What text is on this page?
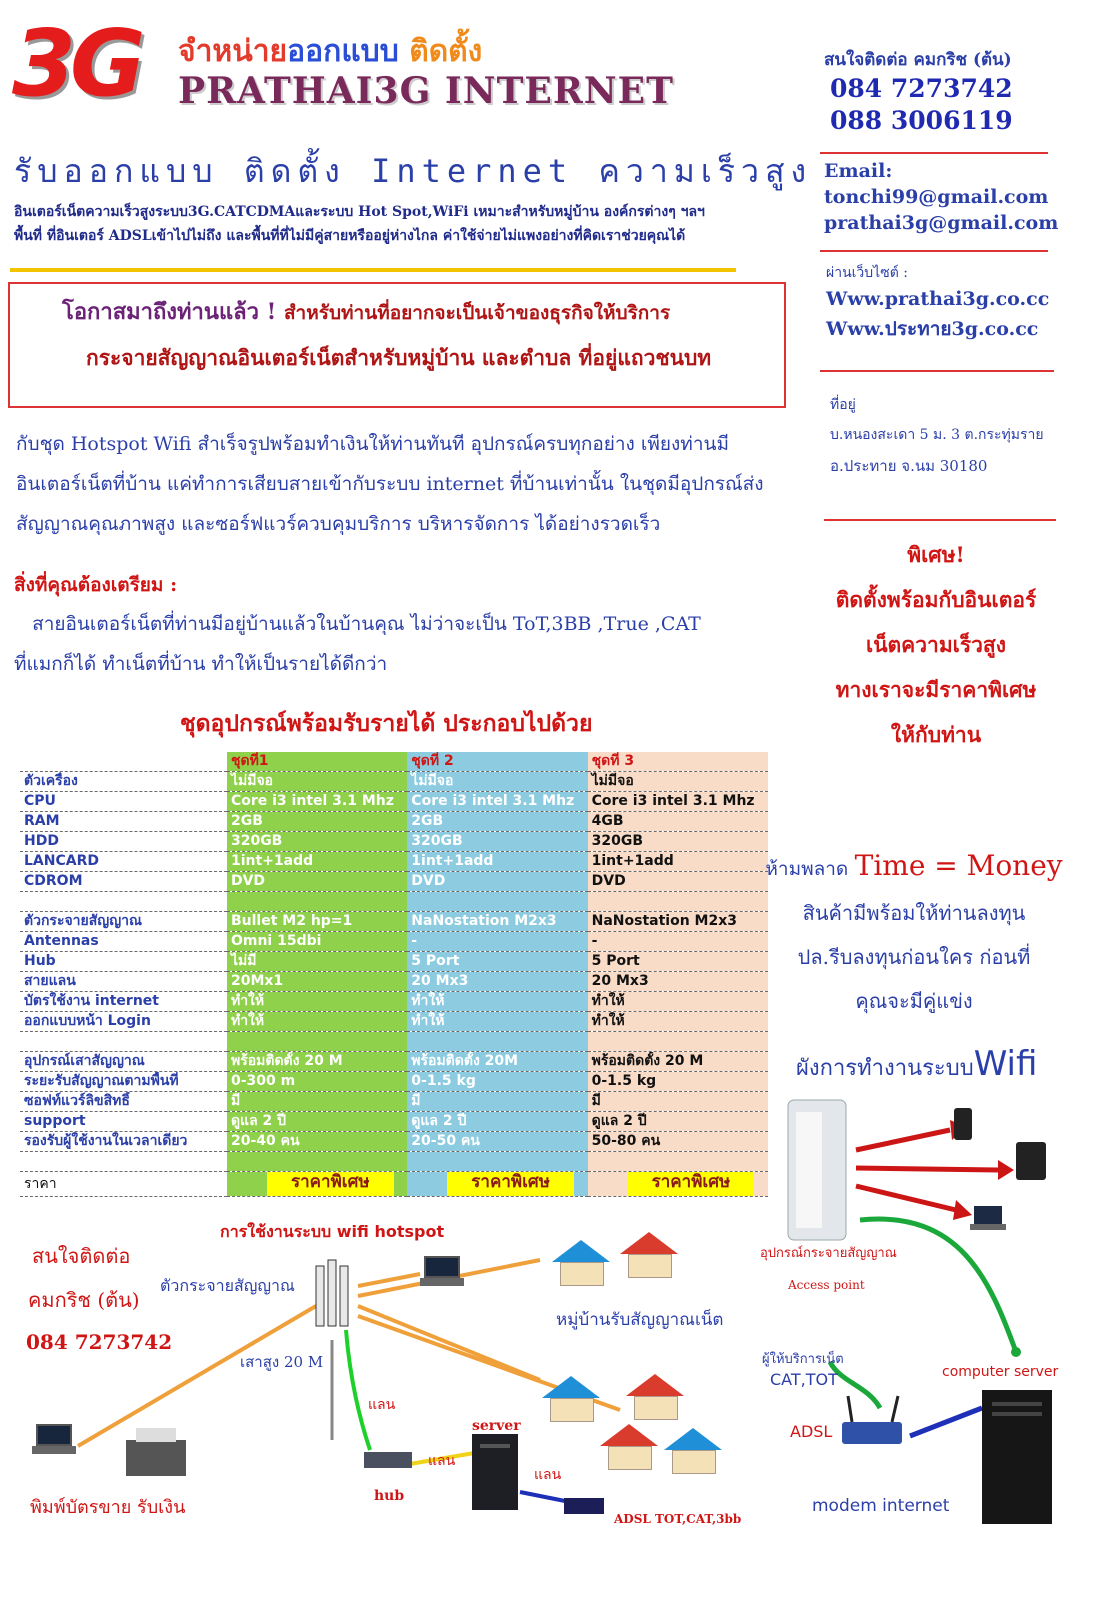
3G จำหน่ายออกแบบ ติดตั้ง
PRATHAI3G INTERNET
รับออกแบบ ติดตั้ง Internet ความเร็วสูง
อินเตอร์เน็ตความเร็วสูงระบบ3G.CATCDMAและระบบ Hot Spot,WiFi เหมาะสำหรับหมู่บ้าน องค์กรต่างๆ ฯลฯ
พื้นที่ ที่อินเตอร์ ADSLเข้าไปไม่ถึง และพื้นที่ที่ไม่มีคู่สายหรืออยู่ห่างไกล ค่าใช้จ่ายไม่แพงอย่างที่คิดเราช่วยคุณได้
โอกาสมาถึงท่านแล้ว ! สำหรับท่านที่อยากจะเป็นเจ้าของธุรกิจให้บริการ
กระจายสัญญาณอินเตอร์เน็ตสำหรับหมู่บ้าน และตำบล ที่อยู่แถวชนบท
กับชุด Hotspot Wifi สำเร็จรูปพร้อมทำเงินให้ท่านทันที อุปกรณ์ครบทุกอย่าง เพียงท่านมี
อินเตอร์เน็ตที่บ้าน แค่ทำการเสียบสายเข้ากับระบบ internet ที่บ้านเท่านั้น ในชุดมีอุปกรณ์ส่ง
สัญญาณคุณภาพสูง และซอร์ฟแวร์ควบคุมบริการ บริหารจัดการ ได้อย่างรวดเร็ว
สิ่งที่คุณต้องเตรียม :
สายอินเตอร์เน็ตที่ท่านมีอยู่บ้านแล้วในบ้านคุณ ไม่ว่าจะเป็น ToT,3BB ,True ,CAT
ที่แมกก็ได้ ทำเน็ตที่บ้าน ทำให้เป็นรายได้ดีกว่า
ชุดอุปกรณ์พร้อมรับรายได้ ประกอบไปด้วย
	ชุดที่1	ชุดที่ 2	ชุดที่ 3
ตัวเครื่อง	ไม่มีจอ	ไม่มีจอ	ไม่มีจอ
CPU	Core i3 intel 3.1 Mhz	Core i3 intel 3.1 Mhz	Core i3 intel 3.1 Mhz
RAM	2GB	2GB	4GB
HDD	320GB	320GB	320GB
LANCARD	1int+1add	1int+1add	1int+1add
CDROM	DVD	DVD	DVD

ตัวกระจายสัญญาณ	Bullet M2 hp=1	NaNostation M2x3	NaNostation M2x3
Antennas	Omni 15dbi	-	-
Hub	ไม่มี	5 Port	5 Port
สายแลน	20Mx1	20 Mx3	20 Mx3
บัตรใช้งาน internet	ทำให้	ทำให้	ทำให้
ออกแบบหน้า Login	ทำให้	ทำให้	ทำให้

อุปกรณ์เสาสัญญาณ	พร้อมติดตั้ง 20 M	พร้อมติดตั้ง 20M	พร้อมติดตั้ง 20 M
ระยะรับสัญญาณตามพื้นที่	0-300 m	0-1.5 kg	0-1.5 kg
ซอฟท์แวร์ลิขสิทธิ์	มี	มี	มี
support	ดูแล 2 ปี	ดูแล 2 ปี	ดูแล 2 ปี
รองรับผู้ใช้งานในเวลาเดียว	20-40 คน	20-50 คน	50-80 คน

ราคา	ราคาพิเศษ	ราคาพิเศษ	ราคาพิเศษ
สนใจติดต่อ คมกริช (ต้น)
084 7273742
088 3006119
Email:
tonchi99@gmail.com
prathai3g@gmail.com
ผ่านเว็บไซต์ :
Www.prathai3g.co.cc
Www.ประทาย3g.co.cc
ที่อยู่
บ.หนองสะเดา 5 ม. 3 ต.กระทุ่มราย
อ.ประทาย จ.นม 30180
พิเศษ!
ติดตั้งพร้อมกับอินเตอร์
เน็ตความเร็วสูง
ทางเราจะมีราคาพิเศษ
ให้กับท่าน
ห้ามพลาด Time = Money
สินค้ามีพร้อมให้ท่านลงทุน
ปล.รีบลงทุนก่อนใคร ก่อนที่
คุณจะมีคู่แข่ง
ผังการทำงานระบบWifi
อุปกรณ์กระจายสัญญาณ
Access point
ผู้ให้บริการเน็ต
CAT,TOT
ADSL
computer server
modem internet
การใช้งานระบบ wifi hotspot
สนใจติดต่อ
คมกริช (ต้น)
084 7273742
ตัวกระจายสัญญาณ
เสาสูง 20 M
หมู่บ้านรับสัญญาณเน็ต
แลน
แลน
แลน
server
hub
ADSL TOT,CAT,3bb
พิมพ์บัตรขาย รับเงิน
